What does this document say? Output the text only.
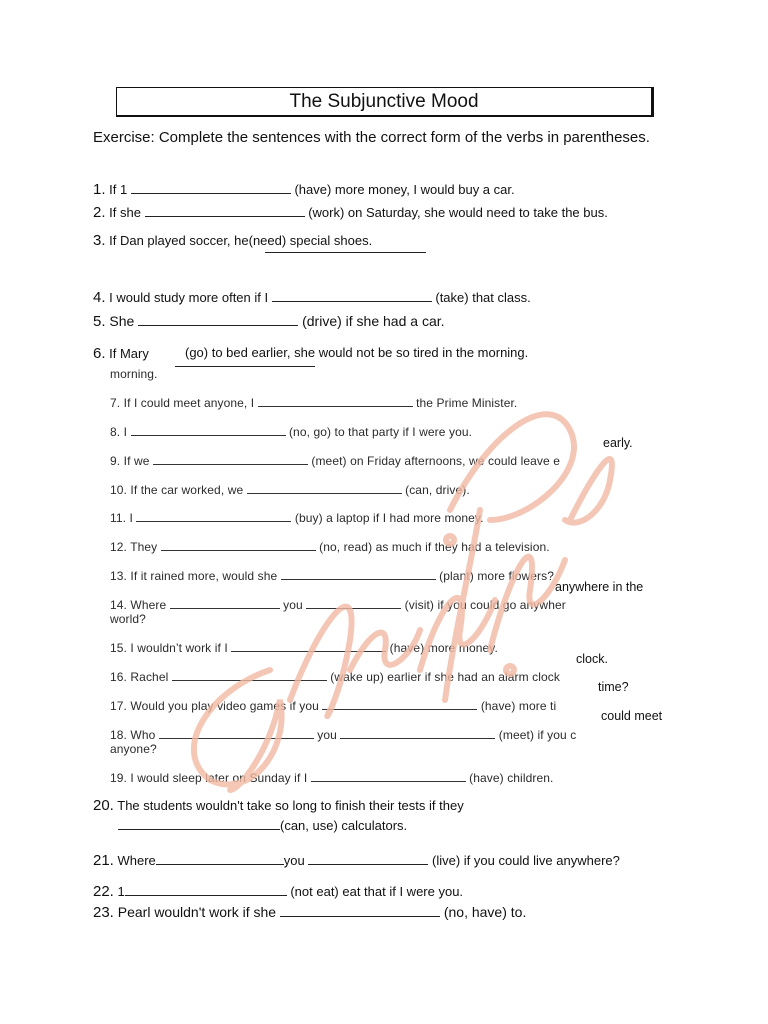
The Subjunctive Mood
Exercise: Complete the sentences with the correct form of the verbs in parentheses.
1. If 1	(have) more money, I would buy a car.
2. If she	(work) on Saturday, she would need to take the bus.
3. If Dan played soccer, he(need) special shoes.
4. I would study more often if I	(take) that class.
5. She	(drive) if she had a car.
6. If Mary	(go) to bed earlier, she would not be so tired in the morning.
morning.
7. If I could meet anyone, I	the Prime Minister.
8. I	(no, go) to that party if I were you.
early.
9. If we	(meet) on Friday afternoons, we could leave e
10. If the car worked, we	(can, drive).
11. I	(buy) a laptop if I had more money.
12. They	(no, read) as much if they had a television.
13. If it rained more, would she	(plant) more flowers?
anywhere in the
14. Where	you	(visit) if you could go anywher
world?
15. I wouldn’t work if I	(have) more money.
clock.
16. Rachel	(wake up) earlier if she had an alarm clock
time?
17. Would you play video games if you	(have) more ti
could meet
18. Who	you	(meet) if you c
anyone?
19. I would sleep later on Sunday if I	(have) children.
20. The students wouldn't take so long to finish their tests if they
(can, use) calculators.
21. Where	you	(live) if you could live anywhere?
22. 1	(not eat) eat that if I were you.
23. Pearl wouldn't work if she	(no, have) to.
